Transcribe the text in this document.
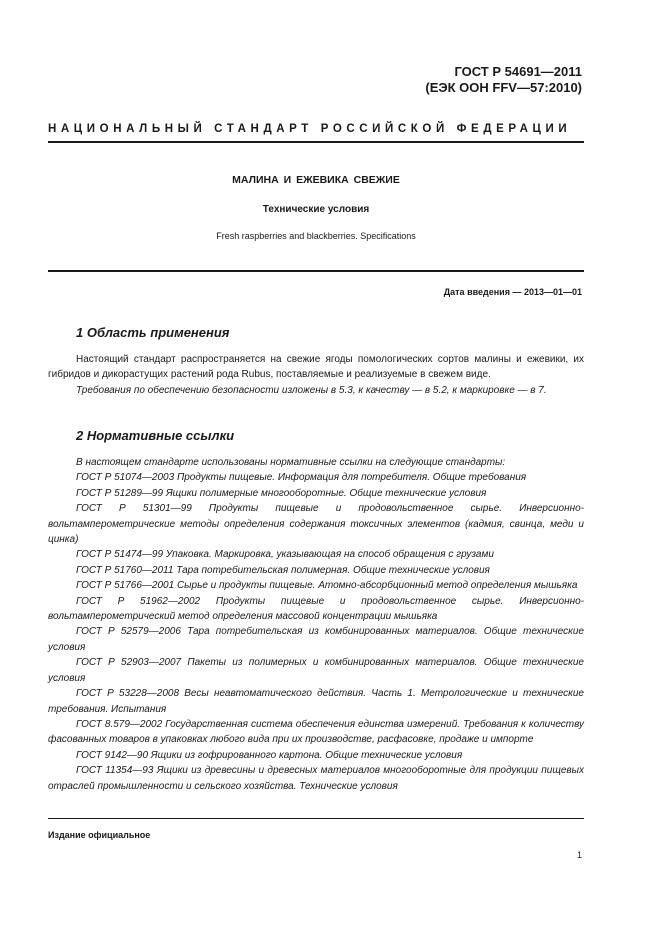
ГОСТ Р 54691—2011
(ЕЭК ООН FFV—57:2010)
НАЦИОНАЛЬНЫЙ СТАНДАРТ РОССИЙСКОЙ ФЕДЕРАЦИИ
МАЛИНА И ЕЖЕВИКА СВЕЖИЕ
Технические условия
Fresh raspberries and blackberries. Specifications
Дата введения — 2013—01—01
1 Область применения

Настоящий стандарт распространяется на свежие ягоды помологических сортов малины и ежевики, их гибридов и дикорастущих растений рода Rubus, поставляемые и реализуемые в свежем виде.

Требования по обеспечению безопасности изложены в 5.3, к качеству — в 5.2, к маркировке — в 7.

2 Нормативные ссылки

В настоящем стандарте использованы нормативные ссылки на следующие стандарты:

ГОСТ Р 51074—2003 Продукты пищевые. Информация для потребителя. Общие требования

ГОСТ Р 51289—99 Ящики полимерные многооборотные. Общие технические условия

ГОСТ Р 51301—99 Продукты пищевые и продовольственное сырье. Инверсионно-вольтамперометрические методы определения содержания токсичных элементов (кадмия, свинца, меди и цинка)

ГОСТ Р 51474—99 Упаковка. Маркировка, указывающая на способ обращения с грузами

ГОСТ Р 51760—2011 Тара потребительская полимерная. Общие технические условия

ГОСТ Р 51766—2001 Сырье и продукты пищевые. Атомно-абсорбционный метод определения мышьяка

ГОСТ Р 51962—2002 Продукты пищевые и продовольственное сырье. Инверсионно-вольтамперометрический метод определения массовой концентрации мышьяка

ГОСТ Р 52579—2006 Тара потребительская из комбинированных материалов. Общие технические условия

ГОСТ Р 52903—2007 Пакеты из полимерных и комбинированных материалов. Общие технические условия

ГОСТ Р 53228—2008 Весы неавтоматического действия. Часть 1. Метрологические и технические требования. Испытания

ГОСТ 8.579—2002 Государственная система обеспечения единства измерений. Требования к количеству фасованных товаров в упаковках любого вида при их производстве, расфасовке, продаже и импорте

ГОСТ 9142—90 Ящики из гофрированного картона. Общие технические условия

ГОСТ 11354—93 Ящики из древесины и древесных материалов многооборотные для продукции пищевых отраслей промышленности и сельского хозяйства. Технические условия

Издание официальное
1
